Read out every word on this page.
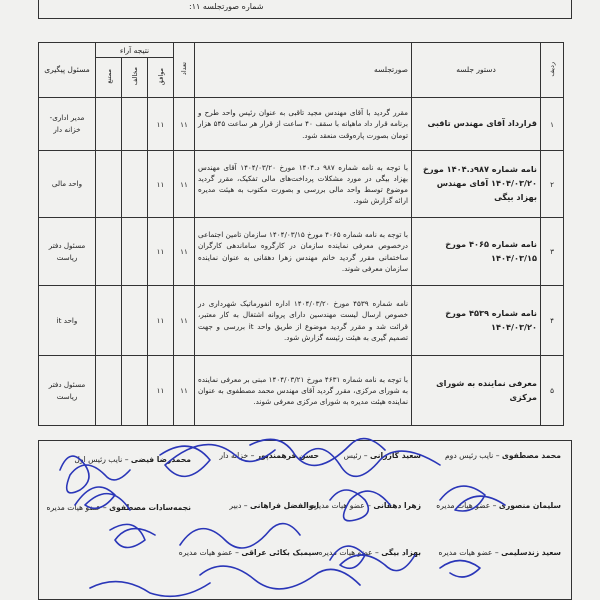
شماره صورتجلسه ۱۱:
ردیف	دستور جلسه	صورتجلسه	تعداد	نتیجه آراء			مسئول پیگیری
				موافق	مخالف	ممتنع	
۱	قرارداد آقای مهندس تاقبی	مقرر گردید با آقای مهندس مجید تاقبی به عنوان رئیس واحد طرح و برنامه قرار داد ماهیانه با سقف ۴۰ ساعت از قرار هر ساعت ۵۴۵ هزار تومان بصورت پاره‌وقت منعقد شود.	۱۱	۱۱			مدیر اداری- خزانه دار
۲	نامه شماره ۹۸۷د.۱۴۰۴ مورخ ۱۴۰۴/۰۳/۲۰ آقای مهندس بهزاد بیگی	با توجه به نامه شماره ۹۸۷ د.۱۴۰۴ مورخ ۱۴۰۴/۰۳/۲۰ آقای مهندس بهزاد بیگی در مورد مشکلات پرداخت‌های مالی تفکیک، مقرر گردید موضوع توسط واحد مالی بررسی و بصورت مکتوب به هیئت مدیره ارائه گزارش شود.	۱۱	۱۱			واحد مالی
۳	نامه شماره ۴۰۶۵ مورخ ۱۴۰۴/۰۳/۱۵	با توجه به نامه شماره ۴۰۶۵ مورخ ۱۴۰۴/۰۳/۱۵ سازمان تامین اجتماعی درخصوص معرفی نماینده سازمان در کارگروه ساماندهی کارگران ساختمانی مقرر گردید خانم مهندس زهرا دهقانی به عنوان نماینده سازمان معرفی شوند.	۱۱	۱۱			مسئول دفتر ریاست
۴	نامه شماره ۴۵۳۹ مورخ ۱۴۰۴/۰۳/۲۰	نامه شماره ۴۵۳۹ مورخ ۱۴۰۴/۰۳/۲۰ اداره انفورماتیک شهرداری در خصوص ارسال لیست مهندسین دارای پروانه اشتغال به کار معتبر، قرائت شد و مقرر گردید موضوع از طریق واحد it بررسی و جهت تصمیم گیری به هیئت رئیسه گزارش شود.	۱۱	۱۱			واحد it
۵	معرفی نماینده به شورای مرکزی	با توجه به نامه شماره ۴۶۳۱ مورخ ۱۴۰۴/۰۳/۲۱ مبنی بر معرفی نماینده به شورای مرکزی، مقرر گردید آقای مهندس محمد مصطفوی به عنوان نماینده هیئت مدیره به شورای مرکزی معرفی شوند.	۱۱	۱۱			مسئول دفتر ریاست
محمد مصطفوی – نایب رئیس دوم
سعید گازرانی – رئیس
حسن فرهمندپور – خزانه دار
محمدرضا فیضی – نایب رئیس اول
سلیمان منصوری – عضو هیات مدیره
زهرا دهقانی – عضو هیات مدیره
ابوالفضل فراهانی – دبیر
نجمه‌سادات مصطفوی – عضو هیات مدیره
سعید زندسلیمی – عضو هیات مدیره
بهزاد بیگی – عضو هیات مدیره
سیمبک بکائی عراقی – عضو هیات مدیره
